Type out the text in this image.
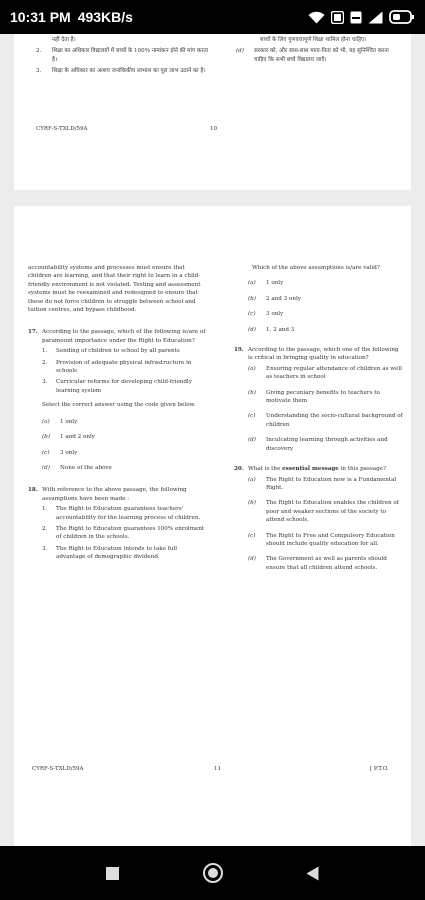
10:31 PM 493KB/s
नहीं देता है।
2.	शिक्षा का अधिकार विद्यालयों में बच्चों के 100% नामांकन होने की मांग करता है।
3.	शिक्षा के अधिकार का आशय जनांकिकीय लाभांश का पूरा लाभ उठाने का है।

बच्चों के लिए गुणवत्तापूर्ण शिक्षा शामिल होना चाहिए।

(d)	सरकार को, और साथ-साथ माता-पिता को भी, यह सुनिश्चित करना चाहिए कि सभी बच्चे विद्यालय जाएँ।
CYRF-S-TXLD/59A	10

accountability systems and processes must ensure that children are learning, and that their right to learn in a child-friendly environment is not violated. Testing and assessment systems must be reexamined and redesigned to ensure that these do not force children to struggle between school and tuition centres, and bypass childhood.

17. According to the passage, which of the following is/are of paramount importance under the Right to Education?
1.	Sending of children to school by all parents
2.	Provision of adequate physical infrastructure in schools
3.	Curricular reforms for developing child-friendly learning system

Select the correct answer using the code given below.

(a)	1 only
(b)	1 and 2 only
(c)	3 only
(d)	None of the above
18. With reference to the above passage, the following assumptions have been made :
1.	The Right to Education guarantees teachers' accountability for the learning process of children.
2.	The Right to Education guarantees 100% enrolment of children in the schools.
3.	The Right to Education intends to take full advantage of demographic dividend.

Which of the above assumptions is/are valid?

(a)	1 only
(b)	2 and 3 only
(c)	3 only
(d)	1, 2 and 3
19. According to the passage, which one of the following is critical in bringing quality in education?
(a)	Ensuring regular attendance of children as well as teachers in school
(b)	Giving pecuniary benefits to teachers to motivate them
(c)	Understanding the socio-cultural background of children
(d)	Inculcating learning through activities and discovery
20. What is the essential message in this passage?
(a)	The Right to Education now is a Fundamental Right.
(b)	The Right to Education enables the children of poor and weaker sections of the society to attend schools.
(c)	The Right to Free and Compulsory Education should include quality education for all.
(d)	The Government as well as parents should ensure that all children attend schools.
CYRF-S-TXLD/59A	11	[ P.T.O.
